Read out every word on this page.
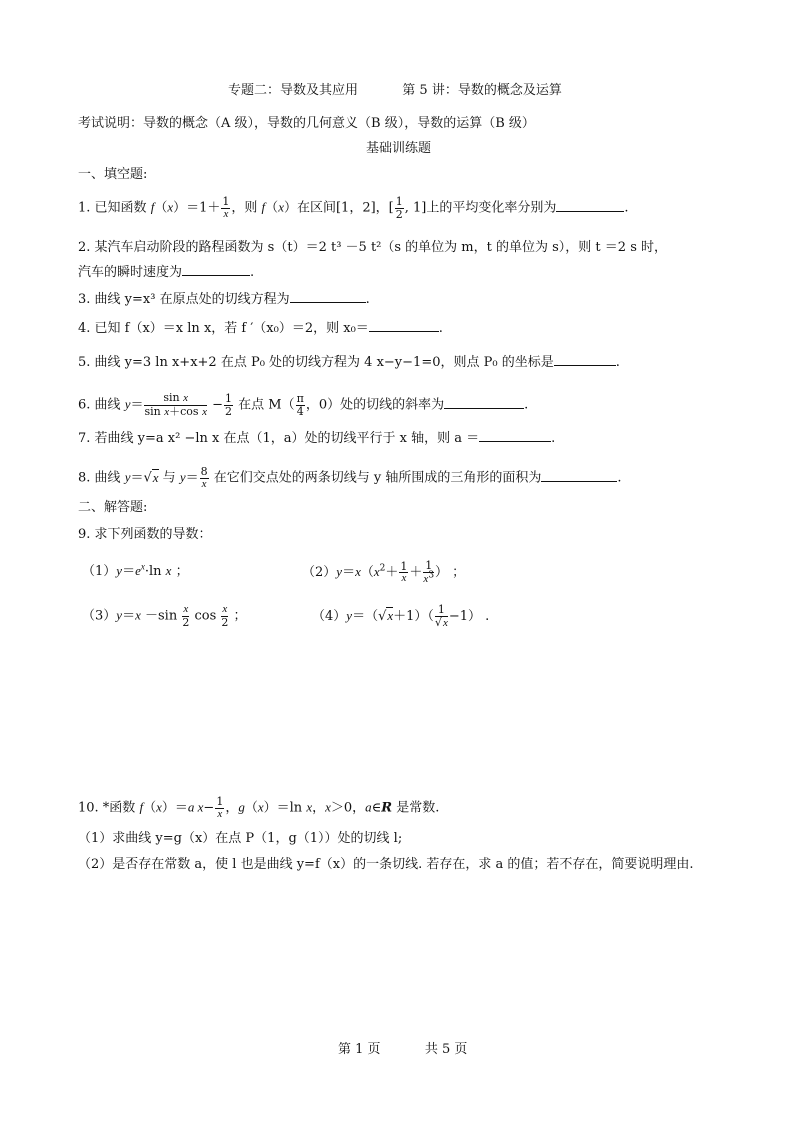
专题二：导数及其应用	第 5 讲：导数的概念及运算
考试说明：导数的概念（A 级），导数的几何意义（B 级），导数的运算（B 级）
基础训练题
一、填空题:
1. 已知函数 $f(x)=1+ \frac{1}{x}$ ，则 f（x）在区间[1，2]，[ $\frac{1}{2}$ , 1]上的平均变化率分别为	.
2. 某汽车启动阶段的路程函数为 s（t）＝2 t³ －5 t²（s 的单位为 m，t 的单位为 s），则 t ＝2 s 时，
汽车的瞬时速度为	.
3. 曲线 y=x³ 在原点处的切线方程为	.
4. 已知 f（x）＝x ln x，若 f ′（x₀）＝2，则 x₀＝	.
5. 曲线 y=3 ln x+x+2 在点 P₀ 处的切线方程为 4 x−y−1=0，则点 P₀ 的坐标是	.
6. 曲线 $y= \frac{\text{sin x}}{\text{sin x＋cos x}} - \frac{1}{2}$ 在点 $M( \frac{\pi}{4}$ ，0）处的切线的斜率为	.
7. 若曲线 y=a x² −ln x 在点（1，a）处的切线平行于 x 轴，则 a ＝	.
8. 曲线 y＝√x 与 $y= \frac{8}{x}$ 在它们交点处的两条切线与 y 轴所围成的三角形的面积为	.
二、解答题:
9. 求下列函数的导数：
$(1)y=e^x\cdot\ln$ x ；	$(2)y=x(x^2+ \frac{1}{x} + \frac{1}{x^3}$ ） ；
$(3)y=x -\sin \frac{x}{2}$ $\cos \frac{x}{2}$ ；	$(4)y=(√x+1)( \frac{1}{√x} -1)$ .
10. *函数 f（x）＝a $x- \frac{1}{x}$ ，g（x）＝ln x，x＞0，a∈R 是常数.
（1）求曲线 y=g（x）在点 P（1，g（1））处的切线 l;
（2）是否存在常数 a，使 l 也是曲线 y=f（x）的一条切线. 若存在，求 a 的值；若不存在，简要说明理由.
第 1 页	共 5 页
